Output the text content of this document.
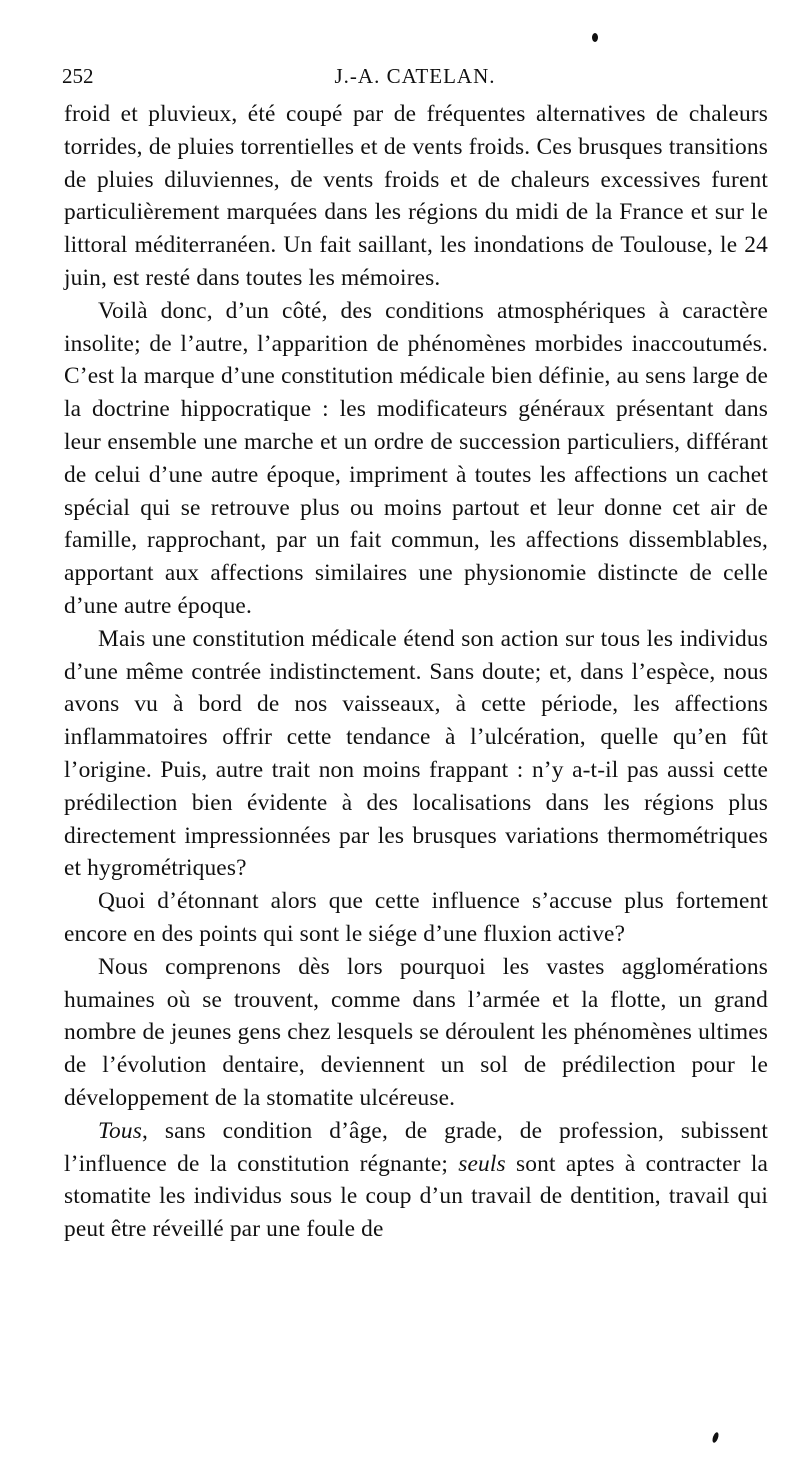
252	J.-A. CATELAN.

froid et pluvieux, été coupé par de fréquentes alternatives de chaleurs torrides, de pluies torrentielles et de vents froids. Ces brusques transitions de pluies diluviennes, de vents froids et de chaleurs excessives furent particulièrement marquées dans les régions du midi de la France et sur le littoral méditerranéen. Un fait saillant, les inondations de Toulouse, le 24 juin, est resté dans toutes les mémoires.

Voilà donc, d’un côté, des conditions atmosphériques à caractère insolite; de l’autre, l’apparition de phénomènes morbides inaccoutumés. C’est la marque d’une constitution médicale bien définie, au sens large de la doctrine hippocratique : les modificateurs généraux présentant dans leur ensemble une marche et un ordre de succession particuliers, différant de celui d’une autre époque, impriment à toutes les affections un cachet spécial qui se retrouve plus ou moins partout et leur donne cet air de famille, rapprochant, par un fait commun, les affections dissemblables, apportant aux affections similaires une physionomie distincte de celle d’une autre époque.

Mais une constitution médicale étend son action sur tous les individus d’une même contrée indistinctement. Sans doute; et, dans l’espèce, nous avons vu à bord de nos vaisseaux, à cette période, les affections inflammatoires offrir cette tendance à l’ulcération, quelle qu’en fût l’origine. Puis, autre trait non moins frappant : n’y a-t-il pas aussi cette prédilection bien évidente à des localisations dans les régions plus directement impressionnées par les brusques variations thermométriques et hygrométriques?

Quoi d’étonnant alors que cette influence s’accuse plus fortement encore en des points qui sont le siége d’une fluxion active?

Nous comprenons dès lors pourquoi les vastes agglomérations humaines où se trouvent, comme dans l’armée et la flotte, un grand nombre de jeunes gens chez lesquels se déroulent les phénomènes ultimes de l’évolution dentaire, deviennent un sol de prédilection pour le développement de la stomatite ulcéreuse.

Tous, sans condition d’âge, de grade, de profession, subissent l’influence de la constitution régnante; seuls sont aptes à contracter la stomatite les individus sous le coup d’un travail de dentition, travail qui peut être réveillé par une foule de
